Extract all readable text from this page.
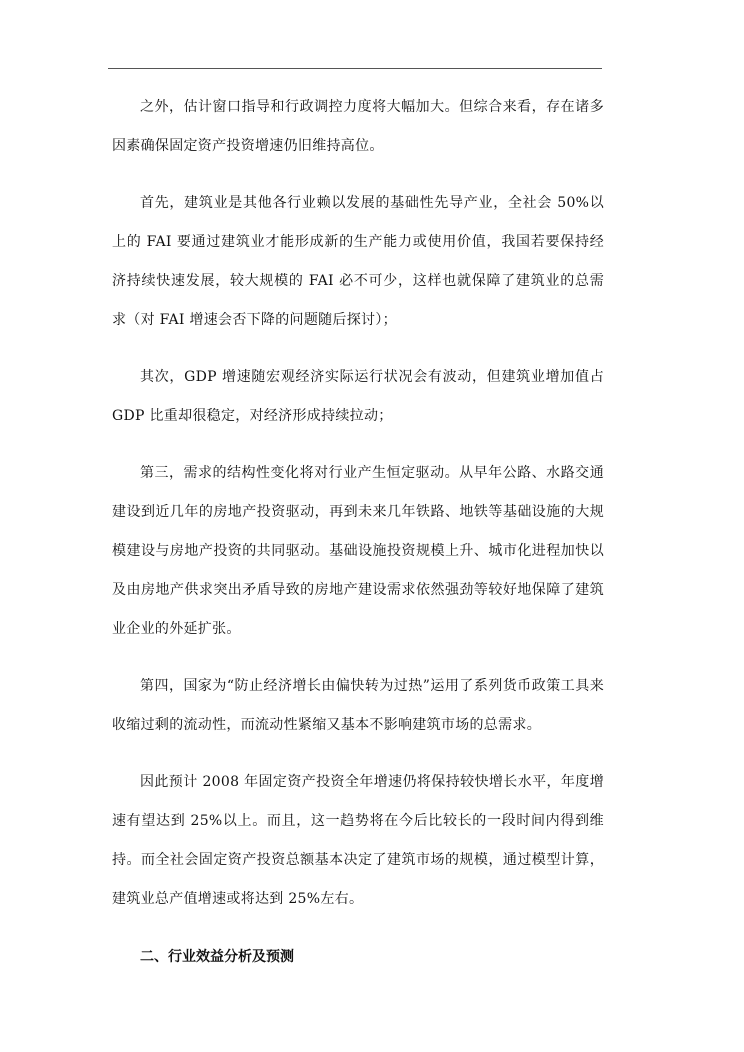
之外，估计窗口指导和行政调控力度将大幅加大。但综合来看，存在诸多因素确保固定资产投资增速仍旧维持高位。

首先，建筑业是其他各行业赖以发展的基础性先导产业，全社会 50%以上的 FAI 要通过建筑业才能形成新的生产能力或使用价值，我国若要保持经济持续快速发展，较大规模的 FAI 必不可少，这样也就保障了建筑业的总需求（对 FAI 增速会否下降的问题随后探讨）；

其次，GDP 增速随宏观经济实际运行状况会有波动，但建筑业增加值占 GDP 比重却很稳定，对经济形成持续拉动；

第三，需求的结构性变化将对行业产生恒定驱动。从早年公路、水路交通建设到近几年的房地产投资驱动，再到未来几年铁路、地铁等基础设施的大规模建设与房地产投资的共同驱动。基础设施投资规模上升、城市化进程加快以及由房地产供求突出矛盾导致的房地产建设需求依然强劲等较好地保障了建筑业企业的外延扩张。

第四，国家为“防止经济增长由偏快转为过热”运用了系列货币政策工具来收缩过剩的流动性，而流动性紧缩又基本不影响建筑市场的总需求。

因此预计 2008 年固定资产投资全年增速仍将保持较快增长水平，年度增速有望达到 25%以上。而且，这一趋势将在今后比较长的一段时间内得到维持。而全社会固定资产投资总额基本决定了建筑市场的规模，通过模型计算，建筑业总产值增速或将达到 25%左右。

二、行业效益分析及预测
